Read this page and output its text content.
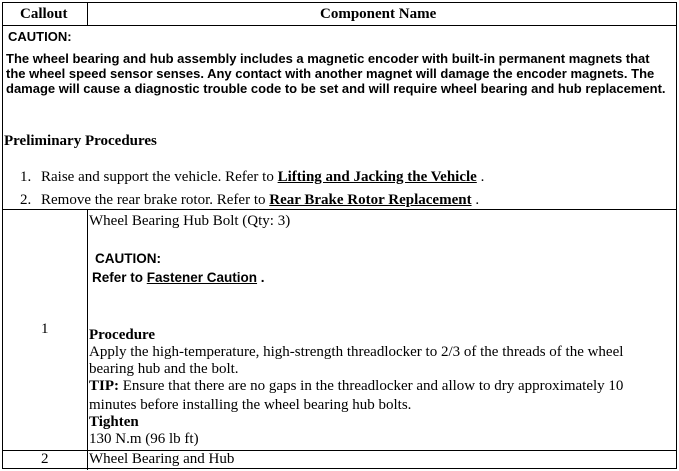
Callout	Component Name
CAUTION:
The wheel bearing and hub assembly includes a magnetic encoder with built-in permanent magnets that the wheel speed sensor senses. Any contact with another magnet will damage the encoder magnets. The damage will cause a diagnostic trouble code to be set and will require wheel bearing and hub replacement.
Preliminary Procedures
1. Raise and support the vehicle. Refer to Lifting and Jacking the Vehicle .
2. Remove the rear brake rotor. Refer to Rear Brake Rotor Replacement .
1
Wheel Bearing Hub Bolt (Qty: 3)
CAUTION:
Refer to Fastener Caution .
Procedure
Apply the high-temperature, high-strength threadlocker to 2/3 of the threads of the wheel
bearing hub and the bolt.
TIP: Ensure that there are no gaps in the threadlocker and allow to dry approximately 10
minutes before installing the wheel bearing hub bolts.
Tighten
130 N.m (96 lb ft)
2	Wheel Bearing and Hub
